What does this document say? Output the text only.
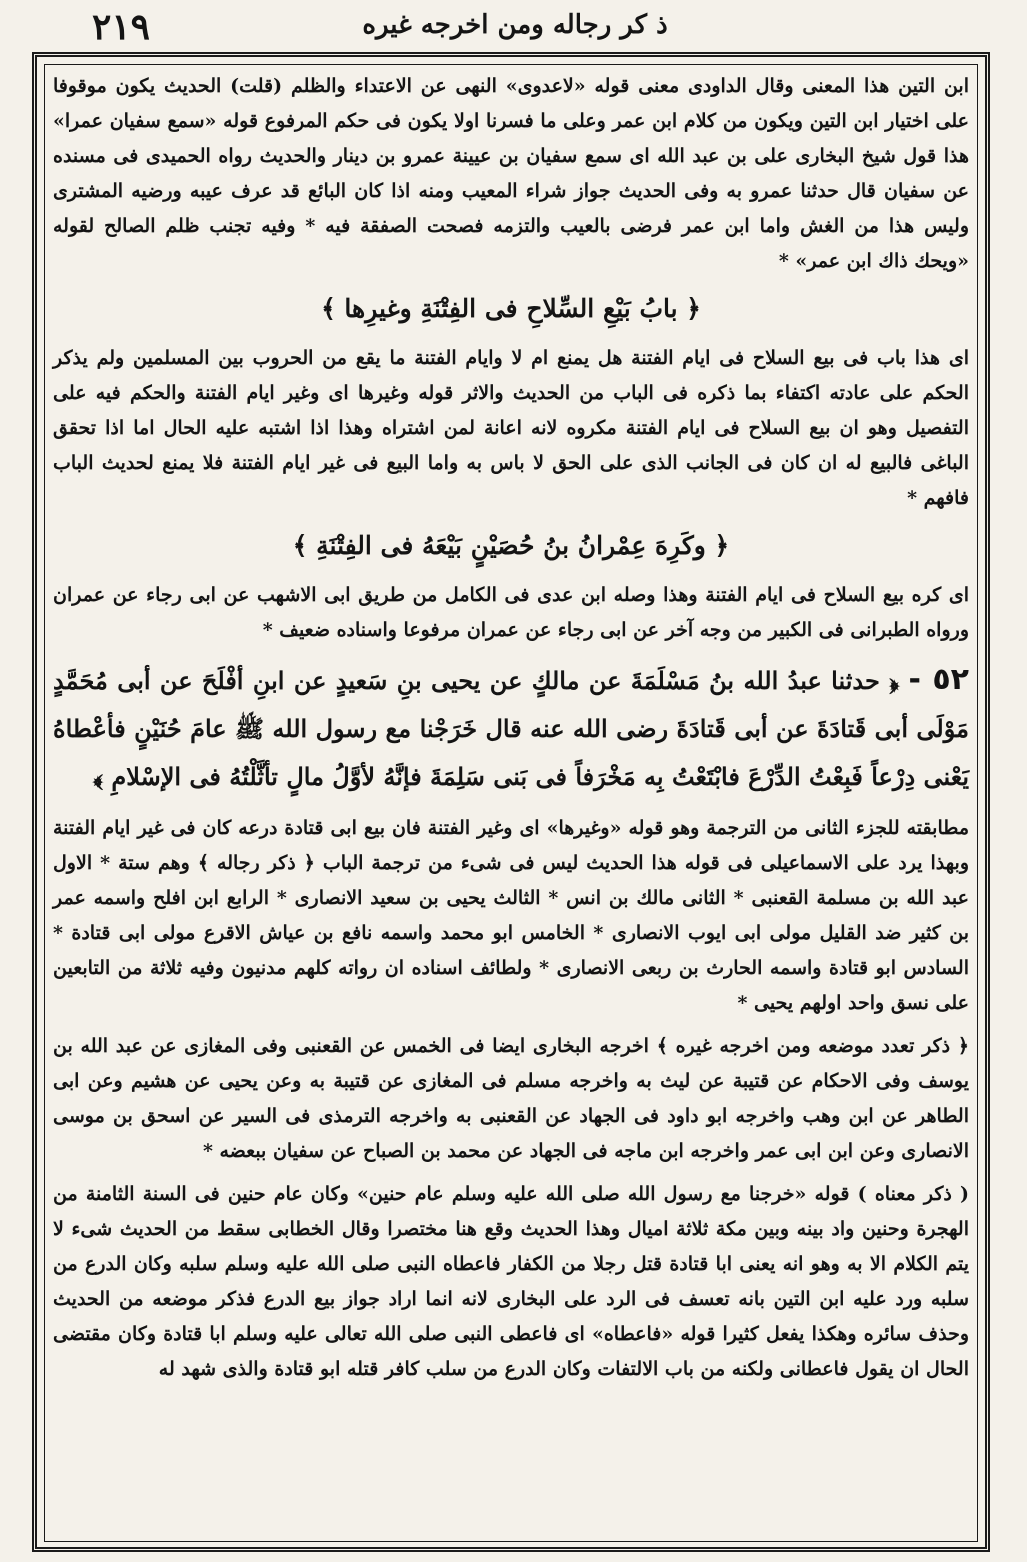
٢١٩	ذ كر رجاله ومن اخرجه غيره

ابن التين هذا المعنى وقال الداودى معنى قوله «لاعدوى» النهى عن الاعتداء والظلم (قلت) الحديث يكون موقوفا على اختيار ابن التين ويكون من كلام ابن عمر وعلى ما فسرنا اولا يكون فى حكم المرفوع قوله «سمع سفيان عمرا» هذا قول شيخ البخارى على بن عبد الله اى سمع سفيان بن عيينة عمرو بن دينار والحديث رواه الحميدى فى مسنده عن سفيان قال حدثنا عمرو به وفى الحديث جواز شراء المعيب ومنه اذا كان البائع قد عرف عيبه ورضيه المشترى وليس هذا من الغش واما ابن عمر فرضى بالعيب والتزمه فصحت الصفقة فيه * وفيه تجنب ظلم الصالح لقوله «ويحك ذاك ابن عمر» *

﴿ بابُ بَيْعِ السِّلاحِ فى الفِتْنَةِ وغيرِها ﴾

اى هذا باب فى بيع السلاح فى ايام الفتنة هل يمنع ام لا وايام الفتنة ما يقع من الحروب بين المسلمين ولم يذكر الحكم على عادته اكتفاء بما ذكره فى الباب من الحديث والاثر قوله وغيرها اى وغير ايام الفتنة والحكم فيه على التفصيل وهو ان بيع السلاح فى ايام الفتنة مكروه لانه اعانة لمن اشتراه وهذا اذا اشتبه عليه الحال اما اذا تحقق الباغى فالبيع له ان كان فى الجانب الذى على الحق لا باس به واما البيع فى غير ايام الفتنة فلا يمنع لحديث الباب فافهم *

﴿ وكَرِهَ عِمْرانُ بنُ حُصَيْنٍ بَيْعَهُ فى الفِتْنَةِ ﴾

اى كره بيع السلاح فى ايام الفتنة وهذا وصله ابن عدى فى الكامل من طريق ابى الاشهب عن ابى رجاء عن عمران ورواه الطبرانى فى الكبير من وجه آخر عن ابى رجاء عن عمران مرفوعا واسناده ضعيف *

٥٢ - ﴿ حدثنا عبدُ الله بنُ مَسْلَمَةَ عن مالكٍ عن يحيى بنِ سَعيدٍ عن ابنِ أفْلَحَ عن أبى مُحَمَّدٍ مَوْلَى أبى قَتادَةَ عن أبى قَتادَةَ رضى الله عنه قال خَرَجْنا مع رسول الله ﷺ عامَ حُنَيْنٍ فأعْطاهُ يَعْنى دِرْعاً فَبِعْتُ الدِّرْعَ فابْتَعْتُ بِه مَخْرَفاً فى بَنى سَلِمَةَ فإنَّهُ لأوَّلُ مالٍ تأثَّلْتُهُ فى الإسْلامِ ﴾

مطابقته للجزء الثانى من الترجمة وهو قوله «وغيرها» اى وغير الفتنة فان بيع ابى قتادة درعه كان فى غير ايام الفتنة وبهذا يرد على الاسماعيلى فى قوله هذا الحديث ليس فى شىء من ترجمة الباب ﴿ ذكر رجاله ﴾ وهم ستة * الاول عبد الله بن مسلمة القعنبى * الثانى مالك بن انس * الثالث يحيى بن سعيد الانصارى * الرابع ابن افلح واسمه عمر بن كثير ضد القليل مولى ابى ايوب الانصارى * الخامس ابو محمد واسمه نافع بن عياش الاقرع مولى ابى قتادة * السادس ابو قتادة واسمه الحارث بن ربعى الانصارى * ولطائف اسناده ان رواته كلهم مدنيون وفيه ثلاثة من التابعين على نسق واحد اولهم يحيى *

﴿ ذكر تعدد موضعه ومن اخرجه غيره ﴾ اخرجه البخارى ايضا فى الخمس عن القعنبى وفى المغازى عن عبد الله بن يوسف وفى الاحكام عن قتيبة عن ليث به واخرجه مسلم فى المغازى عن قتيبة به وعن يحيى عن هشيم وعن ابى الطاهر عن ابن وهب واخرجه ابو داود فى الجهاد عن القعنبى به واخرجه الترمذى فى السير عن اسحق بن موسى الانصارى وعن ابن ابى عمر واخرجه ابن ماجه فى الجهاد عن محمد بن الصباح عن سفيان ببعضه *

( ذكر معناه ) قوله «خرجنا مع رسول الله صلى الله عليه وسلم عام حنين» وكان عام حنين فى السنة الثامنة من الهجرة وحنين واد بينه وبين مكة ثلاثة اميال وهذا الحديث وقع هنا مختصرا وقال الخطابى سقط من الحديث شىء لا يتم الكلام الا به وهو انه يعنى ابا قتادة قتل رجلا من الكفار فاعطاه النبى صلى الله عليه وسلم سلبه وكان الدرع من سلبه ورد عليه ابن التين بانه تعسف فى الرد على البخارى لانه انما اراد جواز بيع الدرع فذكر موضعه من الحديث وحذف سائره وهكذا يفعل كثيرا قوله «فاعطاه» اى فاعطى النبى صلى الله تعالى عليه وسلم ابا قتادة وكان مقتضى الحال ان يقول فاعطانى ولكنه من باب الالتفات وكان الدرع من سلب كافر قتله ابو قتادة والذى شهد له
